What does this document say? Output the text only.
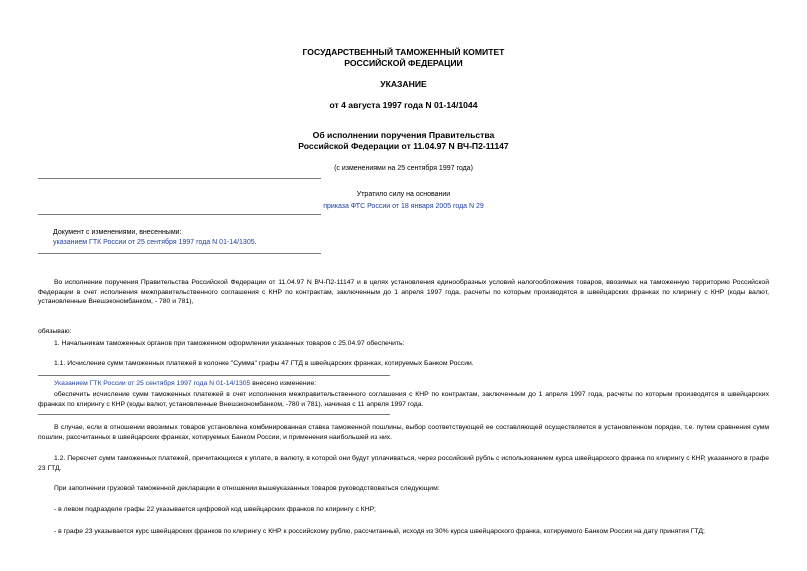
ГОСУДАРСТВЕННЫЙ ТАМОЖЕННЫЙ КОМИТЕТ
РОССИЙСКОЙ ФЕДЕРАЦИИ
УКАЗАНИЕ
от 4 августа 1997 года N 01-14/1044
Об исполнении поручения Правительства
Российской Федерации от 11.04.97 N ВЧ-П2-11147
(с изменениями на 25 сентября 1997 года)
Утратило силу на основании
приказа ФТС России от 18 января 2005 года N 29
Документ с изменениями, внесенными:
указанием ГТК России от 25 сентября 1997 года N 01-14/1305.
Во исполнение поручения Правительства Российской Федерации от 11.04.97 N ВЧ-П2-11147 и в целях установления единообразных условий налогообложения товаров, ввозимых на таможенную территорию Российской Федерации в счет исполнения межправительственного соглашения с КНР по контрактам, заключенным до 1 апреля 1997 года, расчеты по которым производятся в швейцарских франках по клирингу с КНР (коды валют, установленные Внешэкономбанком, - 780 и 781),
обязываю:
1. Начальникам таможенных органов при таможенном оформлении указанных товаров с 25.04.97 обеспечить:
1.1. Исчисление сумм таможенных платежей в колонке "Сумма" графы 47 ГТД в швейцарских франках, котируемых Банком России.
Указанием ГТК России от 25 сентября 1997 года N 01-14/1305 внесено изменение:
обеспечить исчисление сумм таможенных платежей в счет исполнения межправительственного соглашения с КНР по контрактам, заключенным до 1 апреля 1997 года, расчеты по которым производятся в швейцарских франках по клирингу с КНР (коды валют, установленные Внешэкономбанком, -780 и 781), начиная с 11 апреля 1997 года.
В случае, если в отношении ввозимых товаров установлена комбинированная ставка таможенной пошлины, выбор соответствующей ее составляющей осуществляется в установленном порядке, т.е. путем сравнения сумм пошлин, рассчитанных в швейцарских франках, котируемых Банком России, и применения наибольшей из них.
1.2. Пересчет сумм таможенных платежей, причитающихся к уплате, в валюту, в которой они будут уплачиваться, через российский рубль с использованием курса швейцарского франка по клирингу с КНР, указанного в графе 23 ГТД.
При заполнении грузовой таможенной декларации в отношении вышеуказанных товаров руководствоваться следующим:
- в левом подразделе графы 22 указывается цифровой код швейцарских франков по клирингу с КНР;
- в графе 23 указывается курс швейцарских франков по клирингу с КНР к российскому рублю, рассчитанный, исходя из 30% курса швейцарского франка, котируемого Банком России на дату принятия ГТД;
